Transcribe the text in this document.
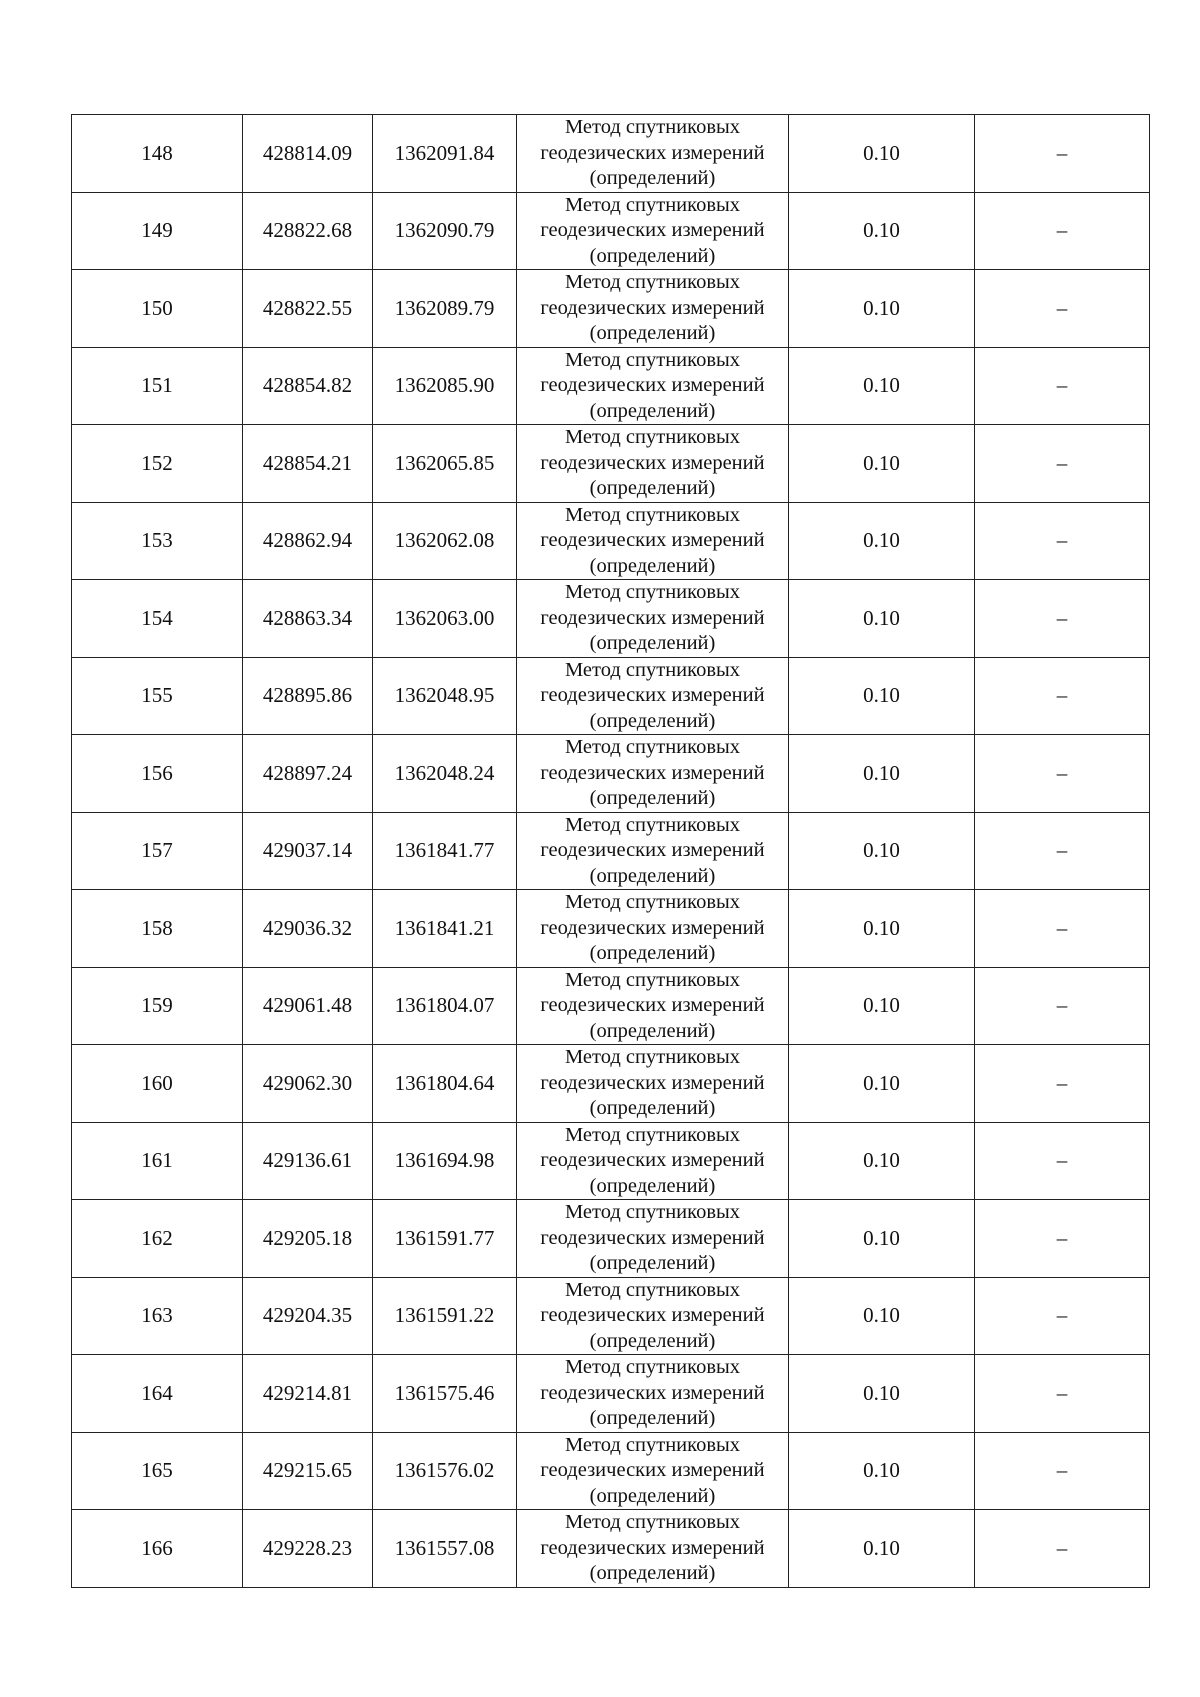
148	428814.09	1362091.84	Метод спутниковых
геодезических измерений
(определений)	0.10	–
149	428822.68	1362090.79	Метод спутниковых
геодезических измерений
(определений)	0.10	–
150	428822.55	1362089.79	Метод спутниковых
геодезических измерений
(определений)	0.10	–
151	428854.82	1362085.90	Метод спутниковых
геодезических измерений
(определений)	0.10	–
152	428854.21	1362065.85	Метод спутниковых
геодезических измерений
(определений)	0.10	–
153	428862.94	1362062.08	Метод спутниковых
геодезических измерений
(определений)	0.10	–
154	428863.34	1362063.00	Метод спутниковых
геодезических измерений
(определений)	0.10	–
155	428895.86	1362048.95	Метод спутниковых
геодезических измерений
(определений)	0.10	–
156	428897.24	1362048.24	Метод спутниковых
геодезических измерений
(определений)	0.10	–
157	429037.14	1361841.77	Метод спутниковых
геодезических измерений
(определений)	0.10	–
158	429036.32	1361841.21	Метод спутниковых
геодезических измерений
(определений)	0.10	–
159	429061.48	1361804.07	Метод спутниковых
геодезических измерений
(определений)	0.10	–
160	429062.30	1361804.64	Метод спутниковых
геодезических измерений
(определений)	0.10	–
161	429136.61	1361694.98	Метод спутниковых
геодезических измерений
(определений)	0.10	–
162	429205.18	1361591.77	Метод спутниковых
геодезических измерений
(определений)	0.10	–
163	429204.35	1361591.22	Метод спутниковых
геодезических измерений
(определений)	0.10	–
164	429214.81	1361575.46	Метод спутниковых
геодезических измерений
(определений)	0.10	–
165	429215.65	1361576.02	Метод спутниковых
геодезических измерений
(определений)	0.10	–
166	429228.23	1361557.08	Метод спутниковых
геодезических измерений
(определений)	0.10	–
